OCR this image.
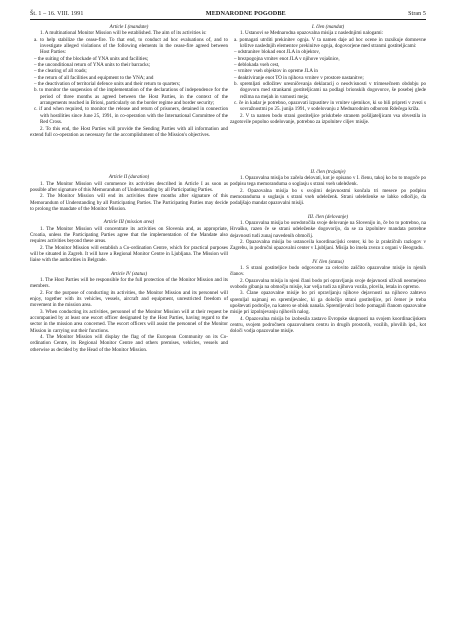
Št. 1 – 16. VIII. 1991	MEDNARODNE POGODBE	Stran 5

Article I (mandate)

1. A multinational Monitor Mission will be established. The aim of its activities is:

a. to help stabilize the cease-fire. To that end, to conduct ad hoc evaluations of, and to investigate alleged violations of the following elements in the cease-fire agreed between Host Parties:

– the suiting of the blockade of YNA units and facilities;

– the unconditional return of YNA units to their barracks;

– the clearing of all roads;

– the return of all facilities and equipment to the YNA; and

– the deactivation of territorial defence units and their return to quarters;

b. to monitor the suspension of the implementation of the declarations of independence for the period of three months as agreed between the Host Parties, in the context of the arrangements reached in Brioni, particularly on the border regime and border security;

c. if and when required, to monitor the release and return of prisoners, detained in connection with hostilities since June 25, 1991, in co-operation with the International Committee of the Red Cross.

2. To this end, the Host Parties will provide the Sending Parties with all information and extend full co-operation as necessary for the accomplishment of the Mission's objectives.

Article II (duration)

1. The Monitor Mission will commence its activities described in Article I as soon as possible after signature of this Memorandum of Understanding by all Participating Parties.

2. The Monitor Mission will end its activities three months after signature of this Memorandum of Understanding by all Participating Parties. The Participating Parties may decide to prolong the mandate of the Monitor Mission.

Article III (mission area)

1. The Monitor Mission will concentrate its activities on Slovenia and, as appropriate, Croatia, unless the Participating Parties agree that the implementation of the Mandate also requires activities beyond these areas.

2. The Monitor Mission will establish a Co-ordination Centre, which for practical purposes will be situated in Zagreb. It will have a Regional Monitor Centre in Ljubljana. The Mission will liaise with the authorities in Belgrade.

Article IV (status)

1. The Host Parties will be responsible for the full protection of the Monitor Mission and its members.

2. For the purpose of conducting its activities, the Monitor Mission and its personnel will enjoy, together with its vehicles, vessels, aircraft and equipment, unrestricted freedom of movement in the mission area.

3. When conducting its activities, personnel of the Monitor Mission will at their request be accompanied by at least one escort officer designated by the Host Parties, having regard to the sector in the mission area concerned. The escort officers will assist the personnel of the Monitor Mission in carrying out their functions.

4. The Monitor Mission will display the flag of the European Community on its Co-ordination Centre, its Regional Monitor Centre and others premises, vehicles, vessels and otherwise as decided by the Head of the Monitor Mission.

I. člen (mandat)

1. Ustanovi se Mednarodna opazovalna misija z naslednjimi nalogami:

a. pomagati utrditi prekinitev ognja. V ta namen daje ad hoc ocene in razsikuje domnevne kršitve naslednjih elementov prekinitve ognja, dogovorjene med stranmi gostiteljicami:

– odstranitev blokad enot JLA in objektov,

– brezpogojna vrnitev enot JLA v njihove vojašnice,

– deblokada vseh cest,

– vrnitev vseh objektov in opreme JLA in

– deaktiviranje enot TO in njihova vrnitev v prostore nastanitve;

b. spremljati odložitev uresničevanja deklaracij o neodvisnosti v trimesečnem obdobju po dogovoru med strankami gostiteljicami na podlagi brionskih dogovorov, še posebej glede režima na mejah in varnosti meja;

c. če in kadar je potrebno, opazovati izpustitev in vrnitev ujetnikov, ki so bili pripreti v zvezi s sovražnostmi po 25. junija 1991, v sodelovanju z Mednarodnim odborom Rdečega križa.

2. V ta namen bodo strani gostiteljice priskrbele stranem pošiljateljicam vsa obvestila in zagotovile popolno sodelovanje, potrebno za izpolnitev ciljev misije.

II. člen (trajanje)

1. Opazovalna misija bo začela delovati, kot je opisano v I. členu, takoj ko bo to mogoče po podpisu tega memoranduma o soglasju s strani vseh udeleženk.

2. Opazovalna misija bo s svojimi dejavnostmi končala tri mesece po podpisu memoranduma o soglasju s strani vseh udeleženk. Strani udeleženke se lahko odločijo, da podaljšajo mandat opazovalni misiji.

III. člen (delovanje)

1. Opazovalna misija bo osredotočila svoje delovanje na Slovenijo in, če bo to potrebno, na Hrvaško, razen če se strani udeleženke dogovorijo, da se za izpolnitev mandata potrebne dejavnosti tudi zunaj navedenih območij.

2. Opazovalna misija bo ustanovila koordinacijski center, ki bo iz praktičnih razlogov v Zagrebu, in področni opazovalni center v Ljubljani. Misija bo imela zvezo z organi v Beogradu.

IV. člen (status)

1. S strani gostiteljice bodo odgovorne za celovito zaščito opazovalne misije in njenih članov.

2. Opazovalna misija in njeni člani bodo pri opravljanju svoje dejavnosti uživali neomejeno svobodo gibanja na območju misije, kar velja tudi za njihova vozila, plovila, letala in opremo.

3. Člane opazovalne misije bo pri opravljanju njihove dejavnosti na njihovo zahtevo spremljal najmanj en spremljevalec, ki ga določijo strani gostiteljice, pri čemer je treba upoštevati področje, na katero se obisk nanaša. Spremljevalci bodo pomagali članom opazovalne misije pri izpolnjevanju njihovih nalog.

4. Opazovalna misija bo izobesila zastavo Evropske skupnosti na svojem koordinacijskem centru, svojem področnem opazovalnem centru in drugih prostorih, vozilih, plovilih ipd., kot določi vodja opazovalne misije.
